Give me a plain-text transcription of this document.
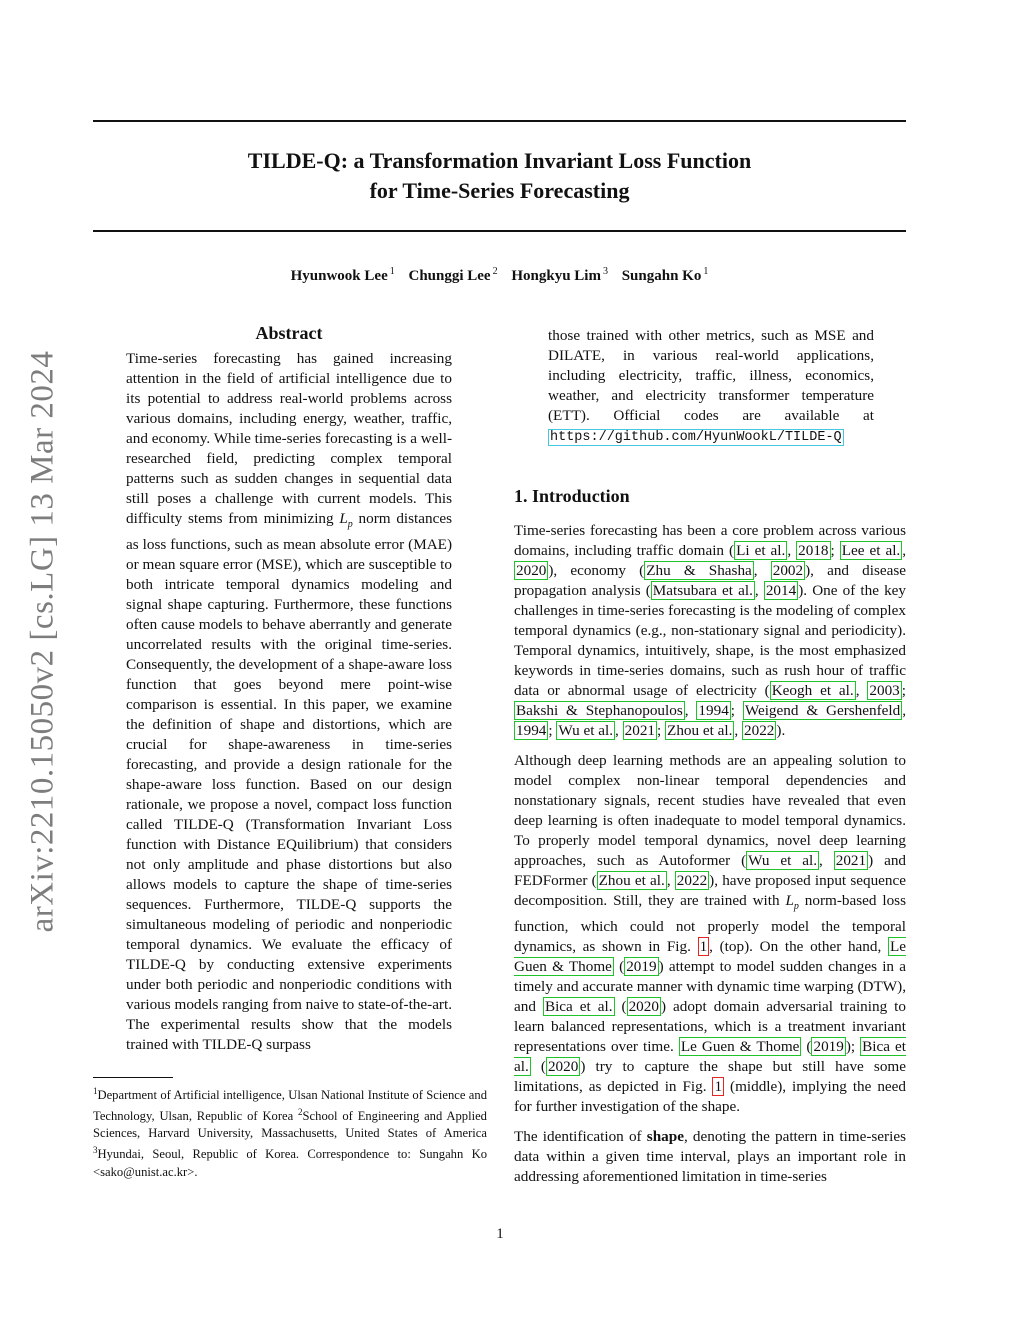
TILDE-Q: a Transformation Invariant Loss Function
for Time-Series Forecasting
Hyunwook Lee $^1$ Chunggi Lee $^2$ Hongkyu Lim $^3$ Sungahn Ko $^1$
arXiv:2210.15050v2 [cs.LG] 13 Mar 2024
Abstract
Time-series forecasting has gained increasing attention in the field of artificial intelligence due to its potential to address real-world problems across various domains, including energy, weather, traffic, and economy. While time-series forecasting is a well-researched field, predicting complex temporal patterns such as sudden changes in sequential data still poses a challenge with current models. This difficulty stems from minimizing $L_p$ norm distances as loss functions, such as mean absolute error (MAE) or mean square error (MSE), which are susceptible to both intricate temporal dynamics modeling and signal shape capturing. Furthermore, these functions often cause models to behave aberrantly and generate uncorrelated results with the original time-series. Consequently, the development of a shape-aware loss function that goes beyond mere point-wise comparison is essential. In this paper, we examine the definition of shape and distortions, which are crucial for shape-awareness in time-series forecasting, and provide a design rationale for the shape-aware loss function. Based on our design rationale, we propose a novel, compact loss function called TILDE-Q (Transformation Invariant Loss function with Distance EQuilibrium) that considers not only amplitude and phase distortions but also allows models to capture the shape of time-series sequences. Furthermore, TILDE-Q supports the simultaneous modeling of periodic and nonperiodic temporal dynamics. We evaluate the efficacy of TILDE-Q by conducting extensive experiments under both periodic and nonperiodic conditions with various models ranging from naive to state-of-the-art. The experimental results show that the models trained with TILDE-Q surpass
$^1$Department of Artificial intelligence, Ulsan National Institute of Science and Technology, Ulsan, Republic of Korea $^2$School of Engineering and Applied Sciences, Harvard University, Massachusetts, United States of America $^3$Hyundai, Seoul, Republic of Korea. Correspondence to: Sungahn Ko <sako@unist.ac.kr>.
those trained with other metrics, such as MSE and DILATE, in various real-world applications, including electricity, traffic, illness, economics, weather, and electricity transformer temperature (ETT). Official codes are available at https://github.com/HyunWookL/TILDE-Q
1. Introduction
Time-series forecasting has been a core problem across various domains, including traffic domain ( Li et al. , 2018 ; Lee et al. , 2020 ), economy ( Zhu & Shasha , 2002 ), and disease propagation analysis ( Matsubara et al. , 2014 ). One of the key challenges in time-series forecasting is the modeling of complex temporal dynamics (e.g., non-stationary signal and periodicity). Temporal dynamics, intuitively, shape, is the most emphasized keywords in time-series domains, such as rush hour of traffic data or abnormal usage of electricity ( Keogh et al. , 2003 ; Bakshi & Stephanopoulos , 1994 ; Weigend & Gershenfeld , 1994 ; Wu et al. , 2021 ; Zhou et al. , 2022 ).
Although deep learning methods are an appealing solution to model complex non-linear temporal dependencies and nonstationary signals, recent studies have revealed that even deep learning is often inadequate to model temporal dynamics. To properly model temporal dynamics, novel deep learning approaches, such as Autoformer ( Wu et al. , 2021 ) and FEDFormer ( Zhou et al. , 2022 ), have proposed input sequence decomposition. Still, they are trained with $L_p$ norm-based loss function, which could not properly model the temporal dynamics, as shown in Fig. 1 , (top). On the other hand, Le Guen & Thome ( 2019 ) attempt to model sudden changes in a timely and accurate manner with dynamic time warping (DTW), and Bica et al. ( 2020 ) adopt domain adversarial training to learn balanced representations, which is a treatment invariant representations over time. Le Guen & Thome ( 2019 ); Bica et al. ( 2020 ) try to capture the shape but still have some limitations, as depicted in Fig. 1 (middle), implying the need for further investigation of the shape.
The identification of shape, denoting the pattern in time-series data within a given time interval, plays an important role in addressing aforementioned limitation in time-series
1
